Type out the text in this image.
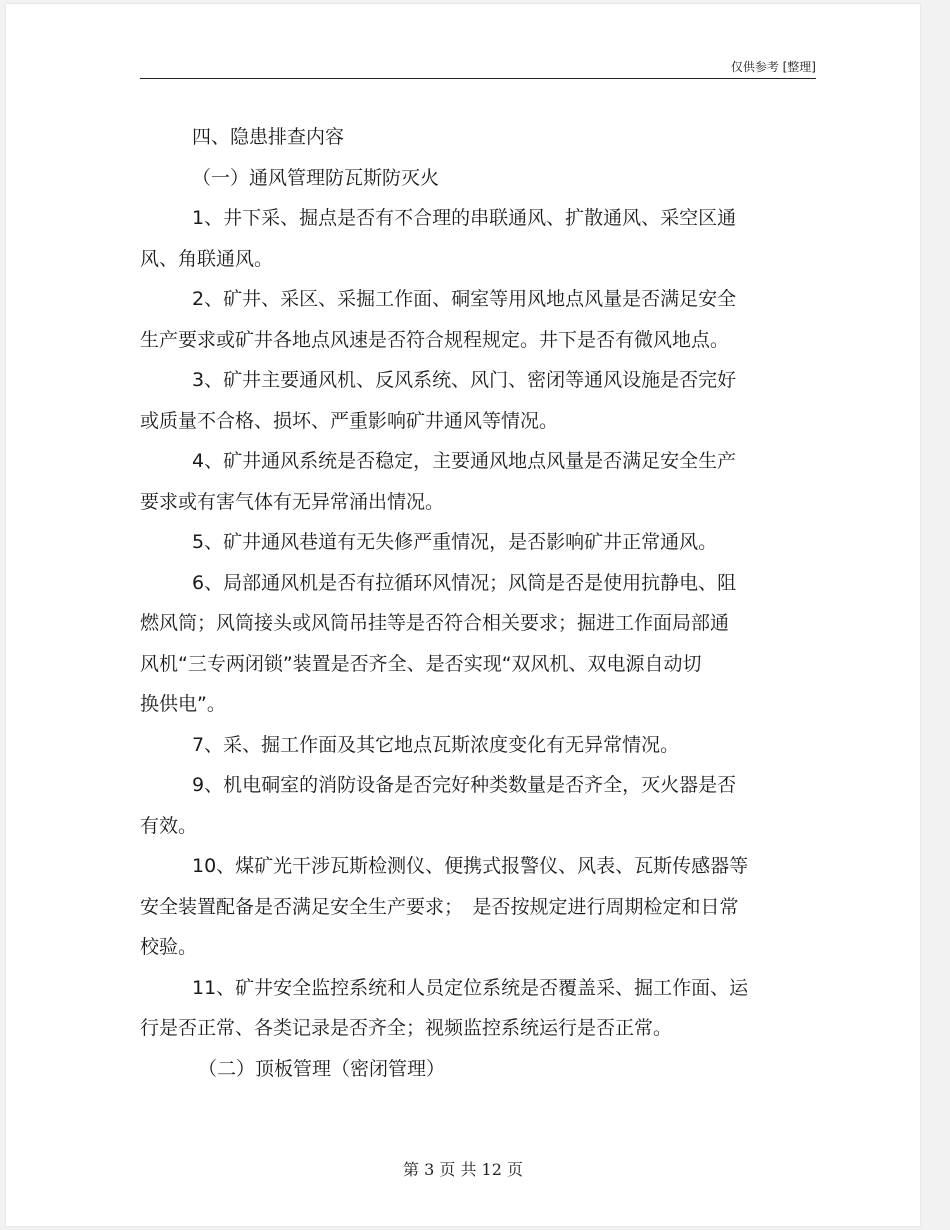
仅供参考 [整理]
四、隐患排查内容
（一）通风管理防瓦斯防灭火
1、井下采、掘点是否有不合理的串联通风、扩散通风、采空区通
风、角联通风。
2、矿井、采区、采掘工作面、硐室等用风地点风量是否满足安全
生产要求或矿井各地点风速是否符合规程规定。井下是否有微风地点。
3、矿井主要通风机、反风系统、风门、密闭等通风设施是否完好
或质量不合格、损坏、严重影响矿井通风等情况。
4、矿井通风系统是否稳定，主要通风地点风量是否满足安全生产
要求或有害气体有无异常涌出情况。
5、矿井通风巷道有无失修严重情况，是否影响矿井正常通风。
6、局部通风机是否有拉循环风情况；风筒是否是使用抗静电、阻
燃风筒；风筒接头或风筒吊挂等是否符合相关要求；掘进工作面局部通
风机“三专两闭锁”装置是否齐全、是否实现“双风机、双电源自动切
换供电”。
7、采、掘工作面及其它地点瓦斯浓度变化有无异常情况。
9、机电硐室的消防设备是否完好种类数量是否齐全，灭火器是否
有效。
10、煤矿光干涉瓦斯检测仪、便携式报警仪、风表、瓦斯传感器等
安全装置配备是否满足安全生产要求；　是否按规定进行周期检定和日常
校验。
11、矿井安全监控系统和人员定位系统是否覆盖采、掘工作面、运
行是否正常、各类记录是否齐全；视频监控系统运行是否正常。
（二）顶板管理（密闭管理）
第 3 页 共 12 页
